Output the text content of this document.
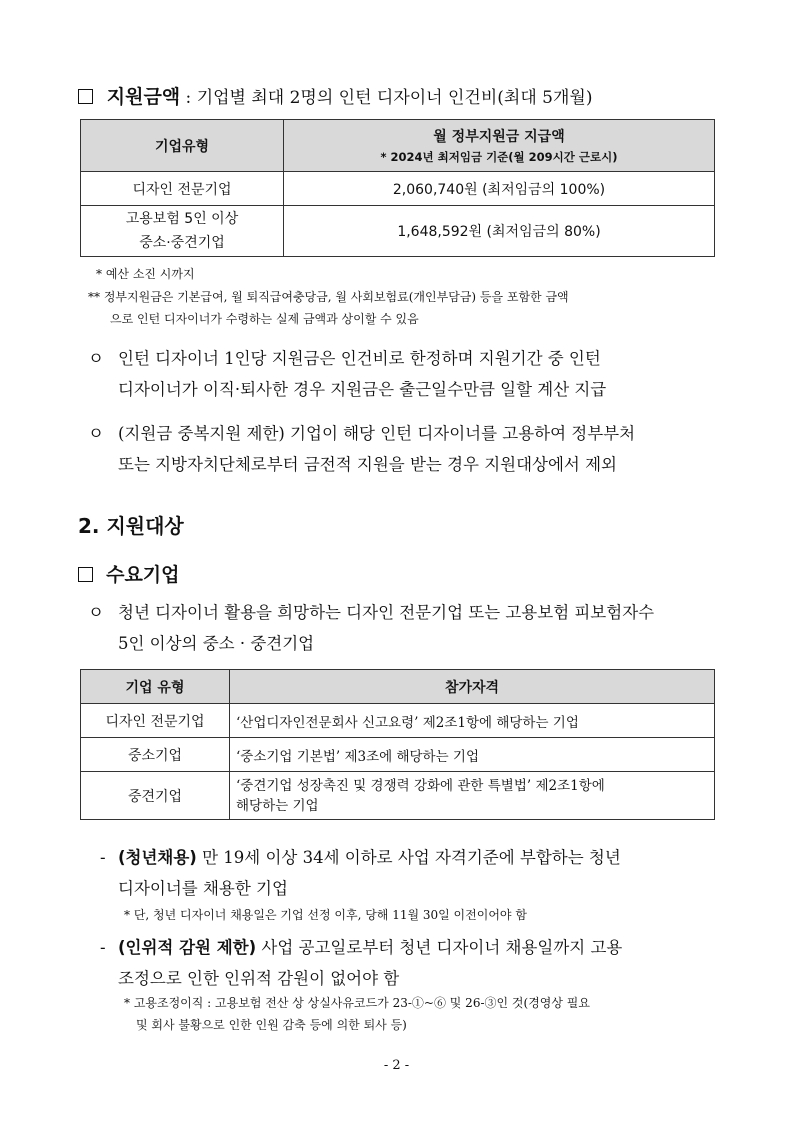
지원금액 : 기업별 최대 2명의 인턴 디자이너 인건비(최대 5개월)
기업유형	월 정부지원금 지급액
* 2024년 최저임금 기준(월 209시간 근로시)

디자인 전문기업	2,060,740원 (최저임금의 100%)

고용보험 5인 이상
중소·중견기업	1,648,592원 (최저임금의 80%)
* 예산 소진 시까지
** 정부지원금은 기본급여, 월 퇴직급여충당금, 월 사회보험료(개인부담금) 등을 포함한 금액
으로 인턴 디자이너가 수령하는 실제 금액과 상이할 수 있음
ㅇ 인턴 디자이너 1인당 지원금은 인건비로 한정하며 지원기간 중 인턴
디자이너가 이직·퇴사한 경우 지원금은 출근일수만큼 일할 계산 지급
ㅇ (지원금 중복지원 제한) 기업이 해당 인턴 디자이너를 고용하여 정부부처
또는 지방자치단체로부터 금전적 지원을 받는 경우 지원대상에서 제외
2. 지원대상
수요기업
ㅇ 청년 디자이너 활용을 희망하는 디자인 전문기업 또는 고용보험 피보험자수
5인 이상의 중소 · 중견기업
기업 유형	참가자격
디자인 전문기업	‘산업디자인전문회사 신고요령’ 제2조1항에 해당하는 기업
중소기업	‘중소기업 기본법’ 제3조에 해당하는 기업
중견기업	‘중견기업 성장촉진 및 경쟁력 강화에 관한 특별법’ 제2조1항에
해당하는 기업
- (청년채용) 만 19세 이상 34세 이하로 사업 자격기준에 부합하는 청년
디자이너를 채용한 기업
* 단, 청년 디자이너 채용일은 기업 선정 이후, 당해 11월 30일 이전이어야 함
- (인위적 감원 제한) 사업 공고일로부터 청년 디자이너 채용일까지 고용
조정으로 인한 인위적 감원이 없어야 함
* 고용조정이직 : 고용보험 전산 상 상실사유코드가 23-①~⑥ 및 26-③인 것(경영상 필요
및 회사 불황으로 인한 인원 감축 등에 의한 퇴사 등)
- 2 -
